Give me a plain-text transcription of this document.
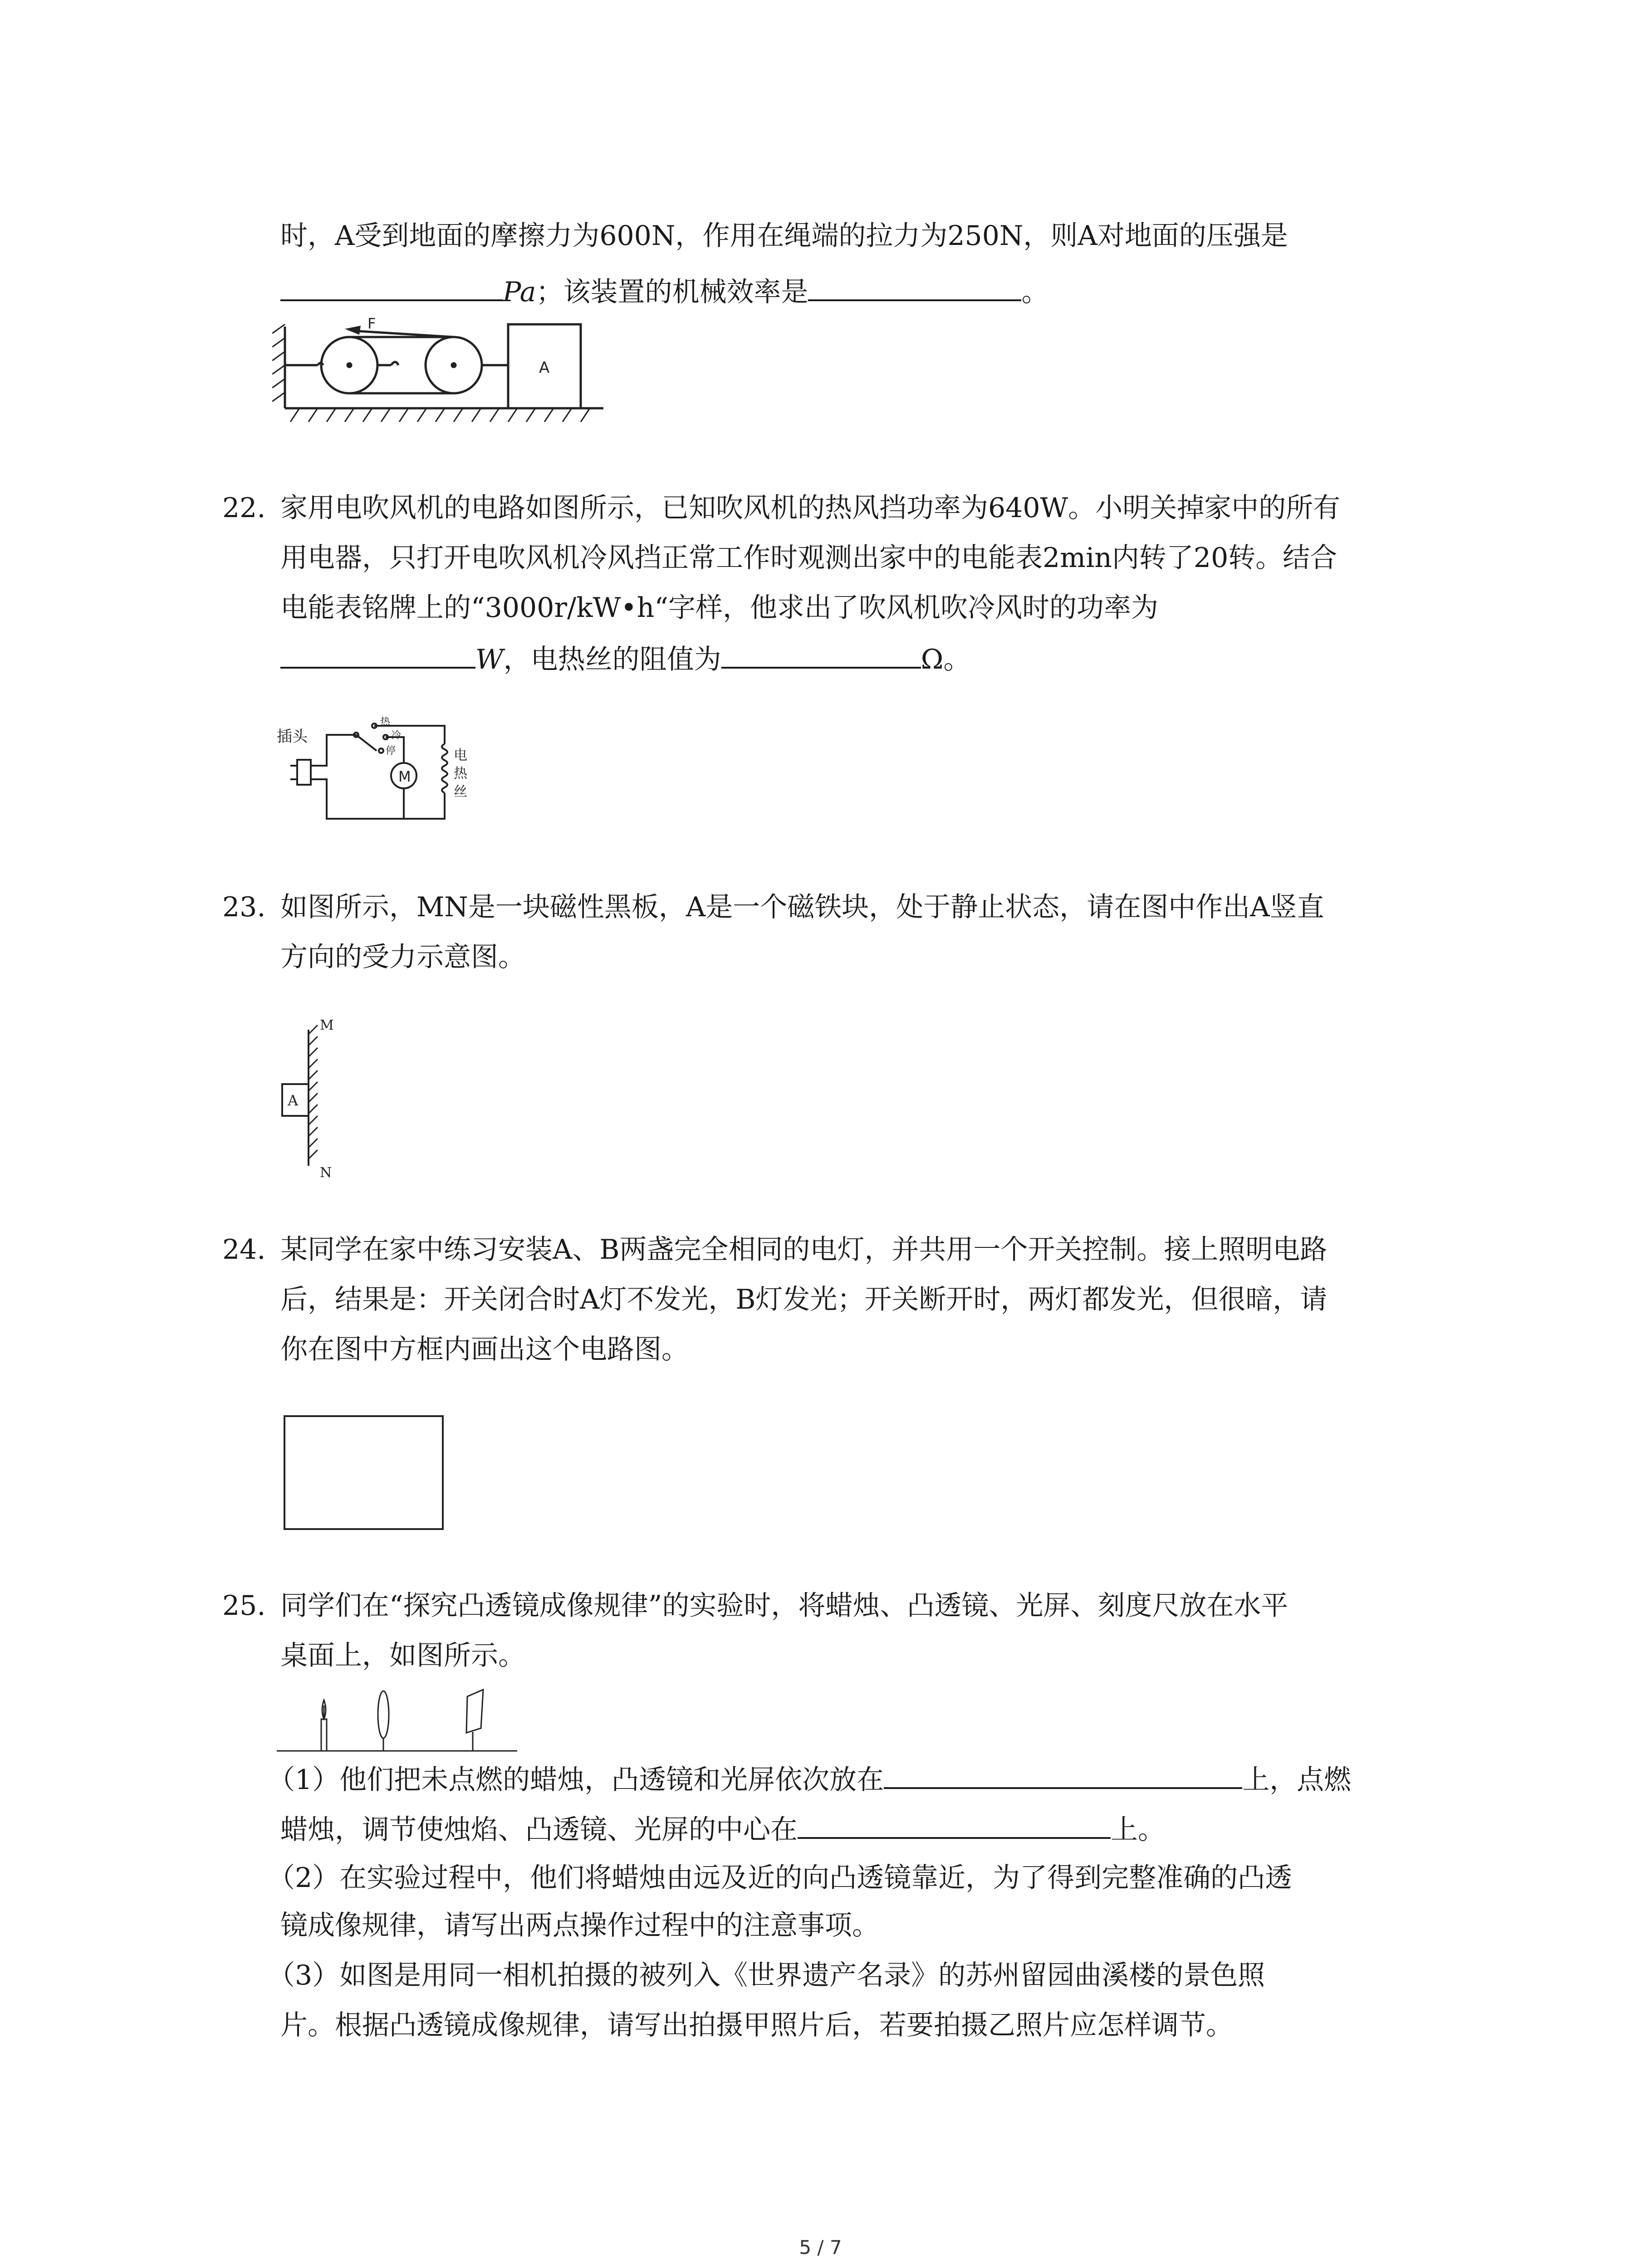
时，A受到地面的摩擦力为600N，作用在绳端的拉力为250N，则A对地面的压强是
Pa；该装置的机械效率是	。
F
A
22. 家用电吹风机的电路如图所示，已知吹风机的热风挡功率为640W。小明关掉家中的所有
用电器，只打开电吹风机冷风挡正常工作时观测出家中的电能表2min内转了20转。结合
电能表铭牌上的“3000r/kW•h“字样，他求出了吹风机吹冷风时的功率为
W，电热丝的阻值为	Ω。
插头
M
热
冷
停	电
热
丝
23. 如图所示，MN是一块磁性黑板，A是一个磁铁块，处于静止状态，请在图中作出A竖直
方向的受力示意图。
M
N
A
24. 某同学在家中练习安装A、B两盏完全相同的电灯，并共用一个开关控制。接上照明电路
后，结果是：开关闭合时A灯不发光，B灯发光；开关断开时，两灯都发光，但很暗，请
你在图中方框内画出这个电路图。
25. 同学们在“探究凸透镜成像规律”的实验时，将蜡烛、凸透镜、光屏、刻度尺放在水平
桌面上，如图所示。
（1）他们把未点燃的蜡烛，凸透镜和光屏依次放在	上，点燃
蜡烛，调节使烛焰、凸透镜、光屏的中心在	上。
（2）在实验过程中，他们将蜡烛由远及近的向凸透镜靠近，为了得到完整准确的凸透
镜成像规律，请写出两点操作过程中的注意事项。
（3）如图是用同一相机拍摄的被列入《世界遗产名录》的苏州留园曲溪楼的景色照
片。根据凸透镜成像规律，请写出拍摄甲照片后，若要拍摄乙照片应怎样调节。
5 / 7
